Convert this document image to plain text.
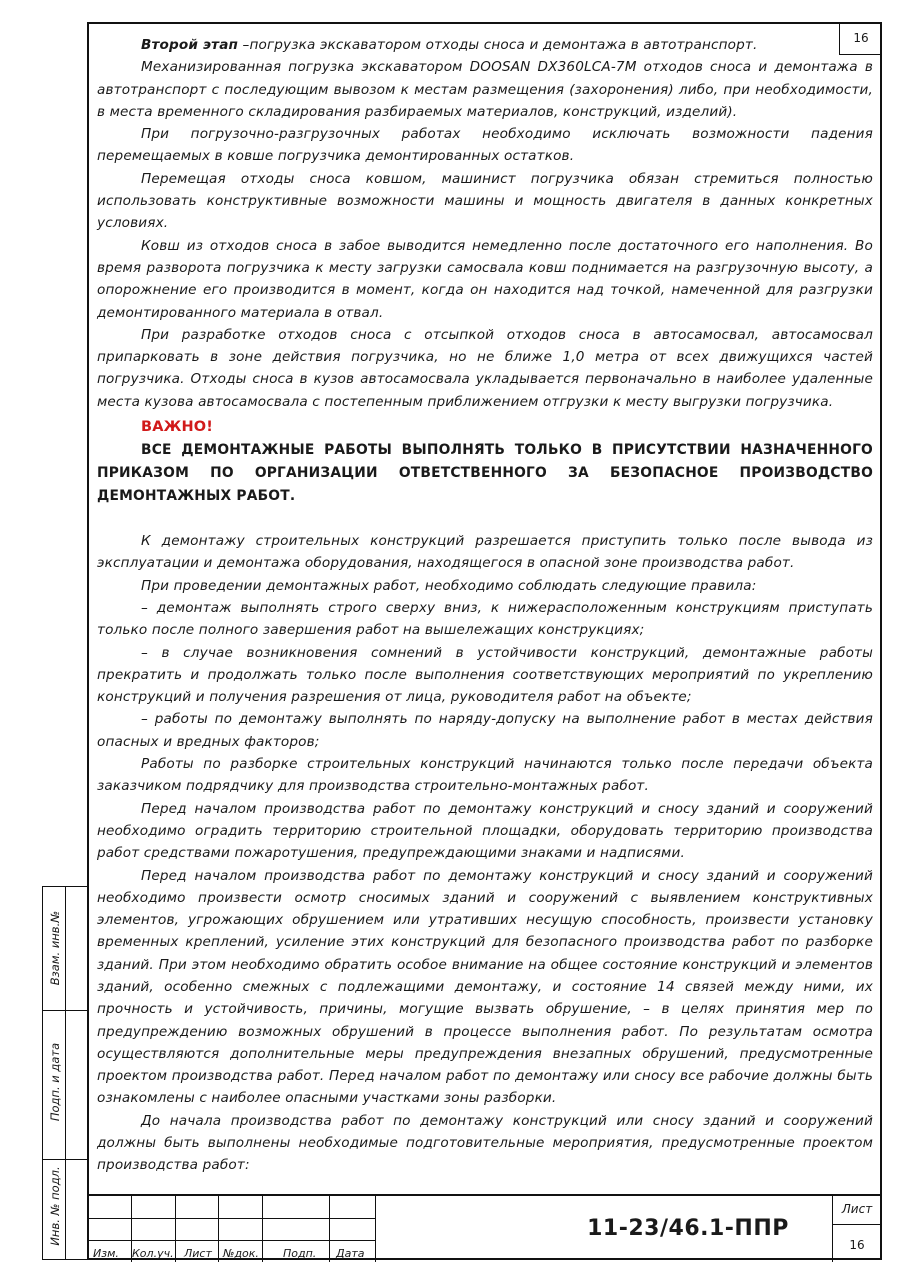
16

Второй этап –погрузка экскаватором отходы сноса и демонтажа в автотранспорт.

Механизированная погрузка экскаватором DOOSAN DX360LCA-7M отходов сноса и демонтажа в автотранспорт с последующим вывозом к местам размещения (захоронения) либо, при необходимости, в места временного складирования разбираемых материалов, конструкций, изделий).

При погрузочно-разгрузочных работах необходимо исключать возможности падения перемещаемых в ковше погрузчика демонтированных остатков.

Перемещая отходы сноса ковшом, машинист погрузчика обязан стремиться полностью использовать конструктивные возможности машины и мощность двигателя в данных конкретных условиях.

Ковш из отходов сноса в забое выводится немедленно после достаточного его наполнения. Во время разворота погрузчика к месту загрузки самосвала ковш поднимается на разгрузочную высоту, а опорожнение его производится в момент, когда он находится над точкой, намеченной для разгрузки демонтированного материала в отвал.

При разработке отходов сноса с отсыпкой отходов сноса в автосамосвал, автосамосвал припарковать в зоне действия погрузчика, но не ближе 1,0 метра от всех движущихся частей погрузчика. Отходы сноса в кузов автосамосвала укладывается первоначально в наиболее удаленные места кузова автосамосвала с постепенным приближением отгрузки к месту выгрузки погрузчика.

ВАЖНО!

ВСЕ ДЕМОНТАЖНЫЕ РАБОТЫ ВЫПОЛНЯТЬ ТОЛЬКО В ПРИСУТСТВИИ НАЗНАЧЕННОГО ПРИКАЗОМ ПО ОРГАНИЗАЦИИ ОТВЕТСТВЕННОГО ЗА БЕЗОПАСНОЕ ПРОИЗВОДСТВО ДЕМОНТАЖНЫХ РАБОТ.

К демонтажу строительных конструкций разрешается приступить только после вывода из эксплуатации и демонтажа оборудования, находящегося в опасной зоне производства работ.

При проведении демонтажных работ, необходимо соблюдать следующие правила:

– демонтаж выполнять строго сверху вниз, к нижерасположенным конструкциям приступать только после полного завершения работ на вышележащих конструкциях;

– в случае возникновения сомнений в устойчивости конструкций, демонтажные работы прекратить и продолжать только после выполнения соответствующих мероприятий по укреплению конструкций и получения разрешения от лица, руководителя работ на объекте;

– работы по демонтажу выполнять по наряду-допуску на выполнение работ в местах действия опасных и вредных факторов;

Работы по разборке строительных конструкций начинаются только после передачи объекта заказчиком подрядчику для производства строительно-монтажных работ.

Перед началом производства работ по демонтажу конструкций и сносу зданий и сооружений необходимо оградить территорию строительной площадки, оборудовать территорию производства работ средствами пожаротушения, предупреждающими знаками и надписями.

Перед началом производства работ по демонтажу конструкций и сносу зданий и сооружений необходимо произвести осмотр сносимых зданий и сооружений с выявлением конструктивных элементов, угрожающих обрушением или утративших несущую способность, произвести установку временных креплений, усиление этих конструкций для безопасного производства работ по разборке зданий. При этом необходимо обратить особое внимание на общее состояние конструкций и элементов зданий, особенно смежных с подлежащими демонтажу, и состояние 14 связей между ними, их прочность и устойчивость, причины, могущие вызвать обрушение, – в целях принятия мер по предупреждению возможных обрушений в процессе выполнения работ. По результатам осмотра осуществляются дополнительные меры предупреждения внезапных обрушений, предусмотренные проектом производства работ. Перед началом работ по демонтажу или сносу все рабочие должны быть ознакомлены с наиболее опасными участками зоны разборки.

До начала производства работ по демонтажу конструкций или сносу зданий и сооружений должны быть выполнены необходимые подготовительные мероприятия, предусмотренные проектом производства работ:

Взам. инв.№
Подп. и дата
Инв. № подл.
Изм. Кол.уч. Лист №док. Подп. Дата
11-23/46.1-ППР
Лист
16
